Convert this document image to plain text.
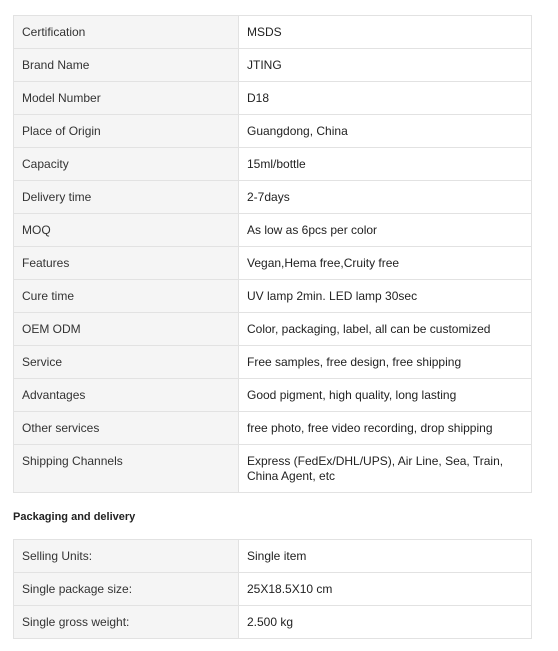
Certification	MSDS
Brand Name	JTING
Model Number	D18
Place of Origin	Guangdong, China
Capacity	15ml/bottle
Delivery time	2-7days
MOQ	As low as 6pcs per color
Features	Vegan,Hema free,Cruity free
Cure time	UV lamp 2min. LED lamp 30sec
OEM ODM	Color, packaging, label, all can be customized
Service	Free samples, free design, free shipping
Advantages	Good pigment, high quality, long lasting
Other services	free photo, free video recording, drop shipping
Shipping Channels	Express (FedEx/DHL/UPS), Air Line, Sea, Train, China Agent, etc
Packaging and delivery
Selling Units:	Single item
Single package size:	25X18.5X10 cm
Single gross weight:	2.500 kg
